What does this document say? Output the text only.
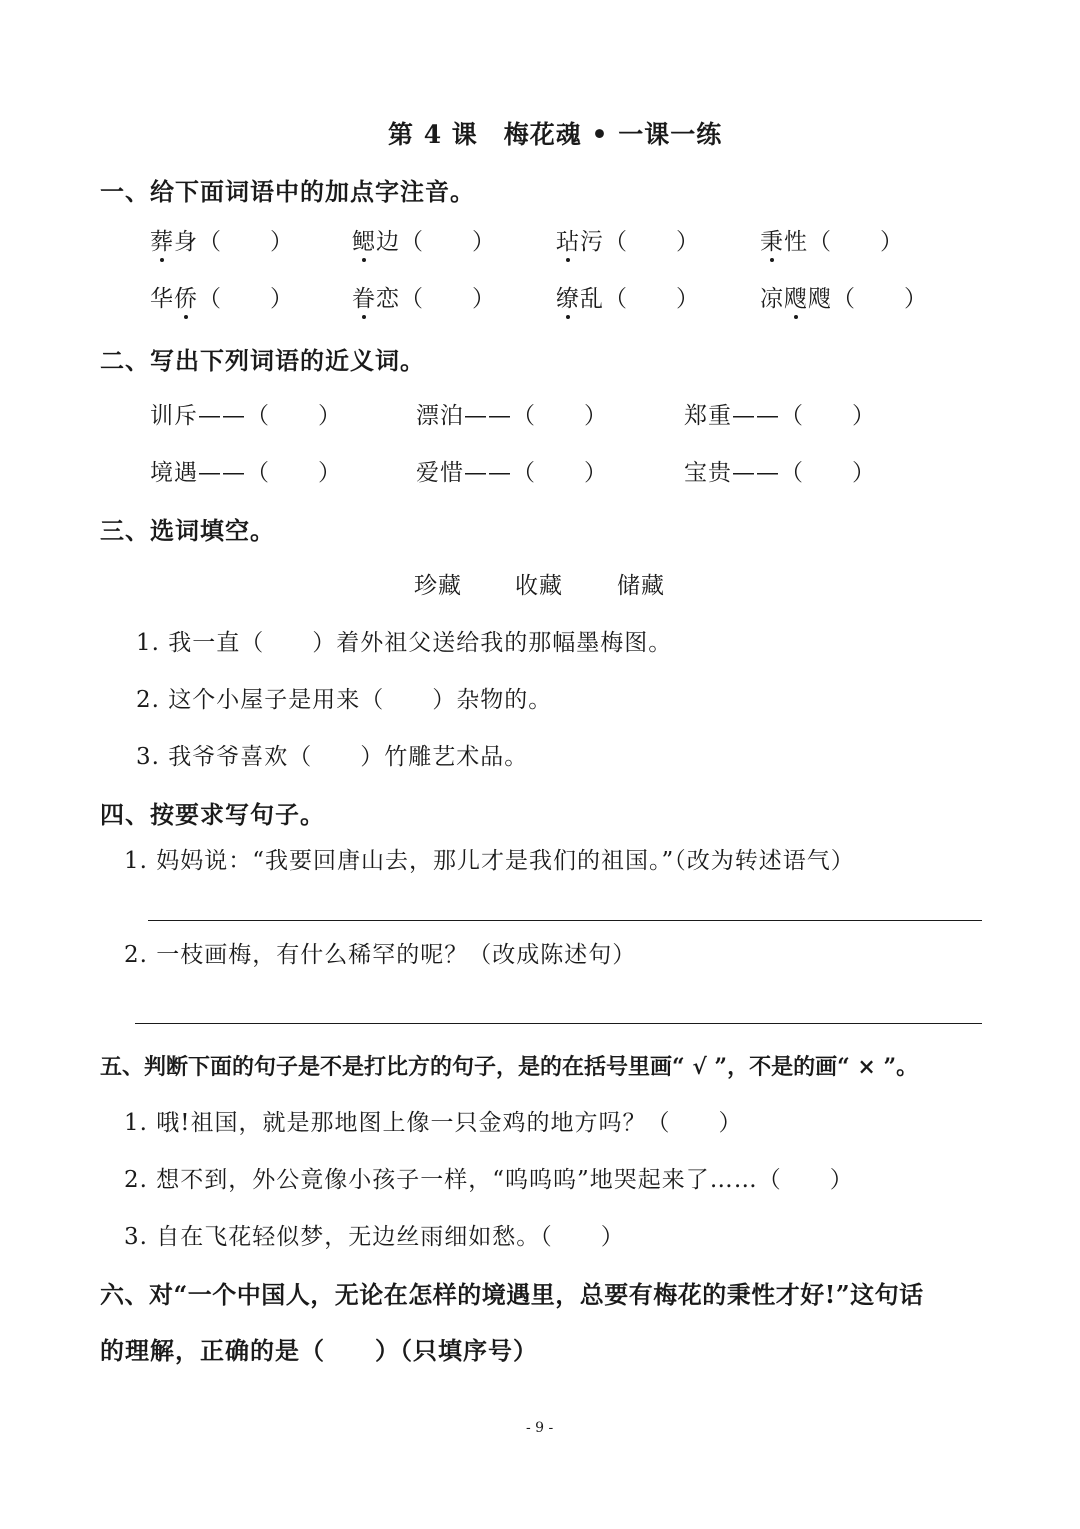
第 4 课　梅花魂 • 一课一练
一、给下面词语中的加点字注音。
葬身（　　）	鳃边（　　）	玷污（　　）	秉性（　　）
华侨（　　）	眷恋（　　）	缭乱（　　）	凉飕飕（　　）
二、写出下列词语的近义词。
训斥——（　　）	漂泊——（　　）	郑重——（　　）
境遇——（　　）	爱惜——（　　）	宝贵——（　　）
三、选词填空。
珍藏 收藏 储藏
1. 我一直（　　）着外祖父送给我的那幅墨梅图。
2. 这个小屋子是用来（　　）杂物的。
3. 我爷爷喜欢（　　）竹雕艺术品。
四、按要求写句子。
1. 妈妈说：“我要回唐山去，那儿才是我们的祖国。”（改为转述语气）
2. 一枝画梅，有什么稀罕的呢？（改成陈述句）
五、判断下面的句子是不是打比方的句子，是的在括号里画“ √ ”，不是的画“ × ”。
1. 哦!祖国，就是那地图上像一只金鸡的地方吗？（　　）
2. 想不到，外公竟像小孩子一样，“呜呜呜”地哭起来了……（　　）
3. 自在飞花轻似梦，无边丝雨细如愁。（　　）
六、对“一个中国人，无论在怎样的境遇里，总要有梅花的秉性才好!”这句话
的理解，正确的是（　　）（只填序号）
- 9 -
